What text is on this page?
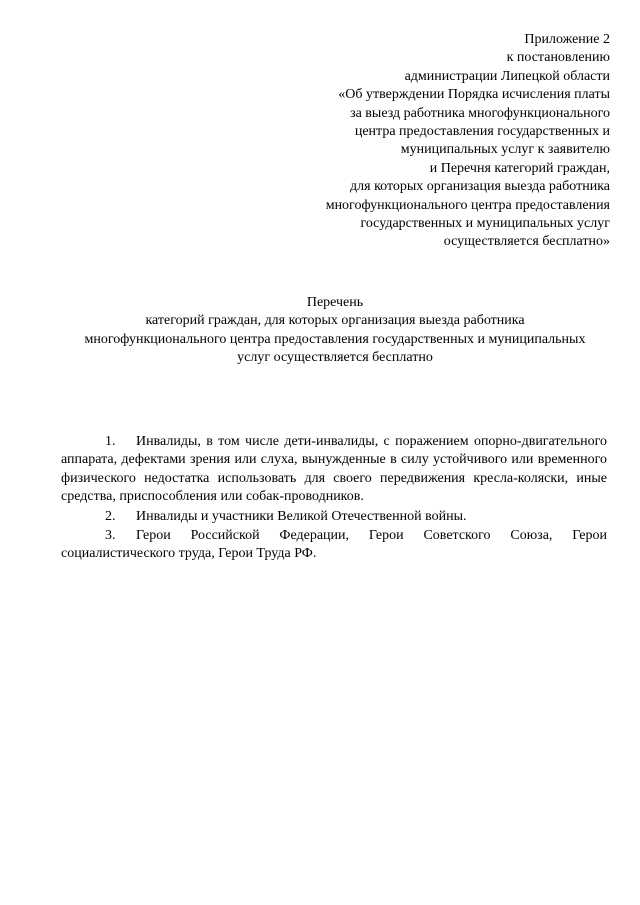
Приложение 2
к постановлению
администрации Липецкой области
«Об утверждении Порядка исчисления платы
за выезд работника многофункционального
центра предоставления государственных и
муниципальных услуг к заявителю
и Перечня категорий граждан,
для которых организация выезда работника
многофункционального центра предоставления
государственных и муниципальных услуг
осуществляется бесплатно»
Перечень
категорий граждан, для которых организация выезда работника
многофункционального центра предоставления государственных и муниципальных
услуг осуществляется бесплатно
1. Инвалиды, в том числе дети-инвалиды, с поражением опорно-двигательного аппарата, дефектами зрения или слуха, вынужденные в силу устойчивого или временного физического недостатка использовать для своего передвижения кресла-коляски, иные средства, приспособления или собак-проводников.
2. Инвалиды и участники Великой Отечественной войны.
3. Герои Российской Федерации, Герои Советского Союза, Герои социалистического труда, Герои Труда РФ.
